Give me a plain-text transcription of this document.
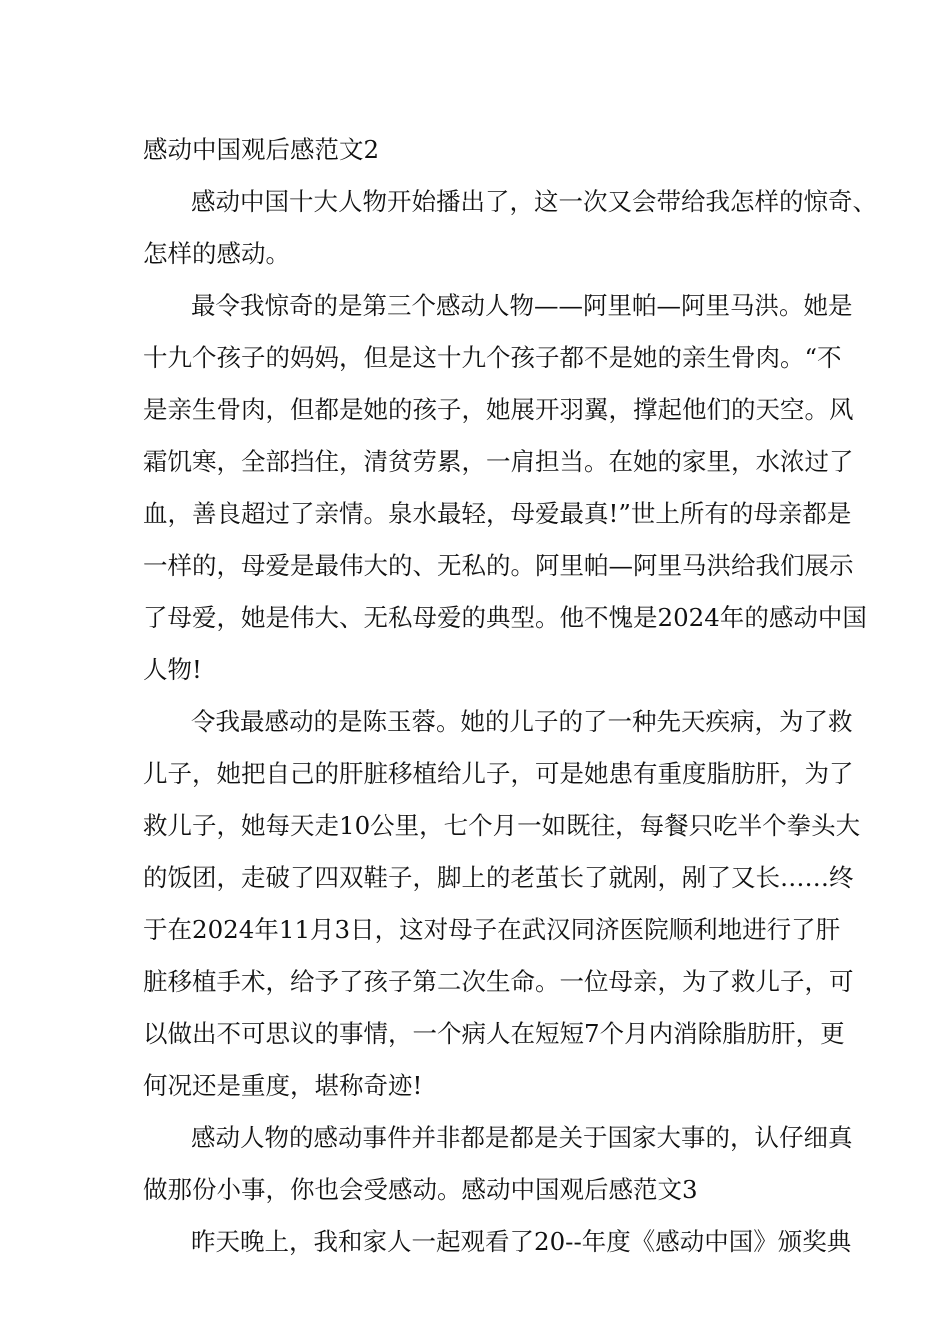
感动中国观后感范文2
感动中国十大人物开始播出了，这一次又会带给我怎样的惊奇、
怎样的感动。
最令我惊奇的是第三个感动人物——阿里帕—阿里马洪。她是
十九个孩子的妈妈，但是这十九个孩子都不是她的亲生骨肉。“不
是亲生骨肉，但都是她的孩子，她展开羽翼，撑起他们的天空。风
霜饥寒，全部挡住，清贫劳累，一肩担当。在她的家里，水浓过了
血，善良超过了亲情。泉水最轻，母爱最真!”世上所有的母亲都是
一样的，母爱是最伟大的、无私的。阿里帕—阿里马洪给我们展示
了母爱，她是伟大、无私母爱的典型。他不愧是2024年的感动中国
人物!
令我最感动的是陈玉蓉。她的儿子的了一种先天疾病，为了救
儿子，她把自己的肝脏移植给儿子，可是她患有重度脂肪肝，为了
救儿子，她每天走10公里，七个月一如既往，每餐只吃半个拳头大
的饭团，走破了四双鞋子，脚上的老茧长了就剐，剐了又长……终
于在2024年11月3日，这对母子在武汉同济医院顺利地进行了肝
脏移植手术，给予了孩子第二次生命。一位母亲，为了救儿子，可
以做出不可思议的事情，一个病人在短短7个月内消除脂肪肝，更
何况还是重度，堪称奇迹!
感动人物的感动事件并非都是都是关于国家大事的，认仔细真
做那份小事，你也会受感动。感动中国观后感范文3
昨天晚上，我和家人一起观看了20--年度《感动中国》颁奖典
